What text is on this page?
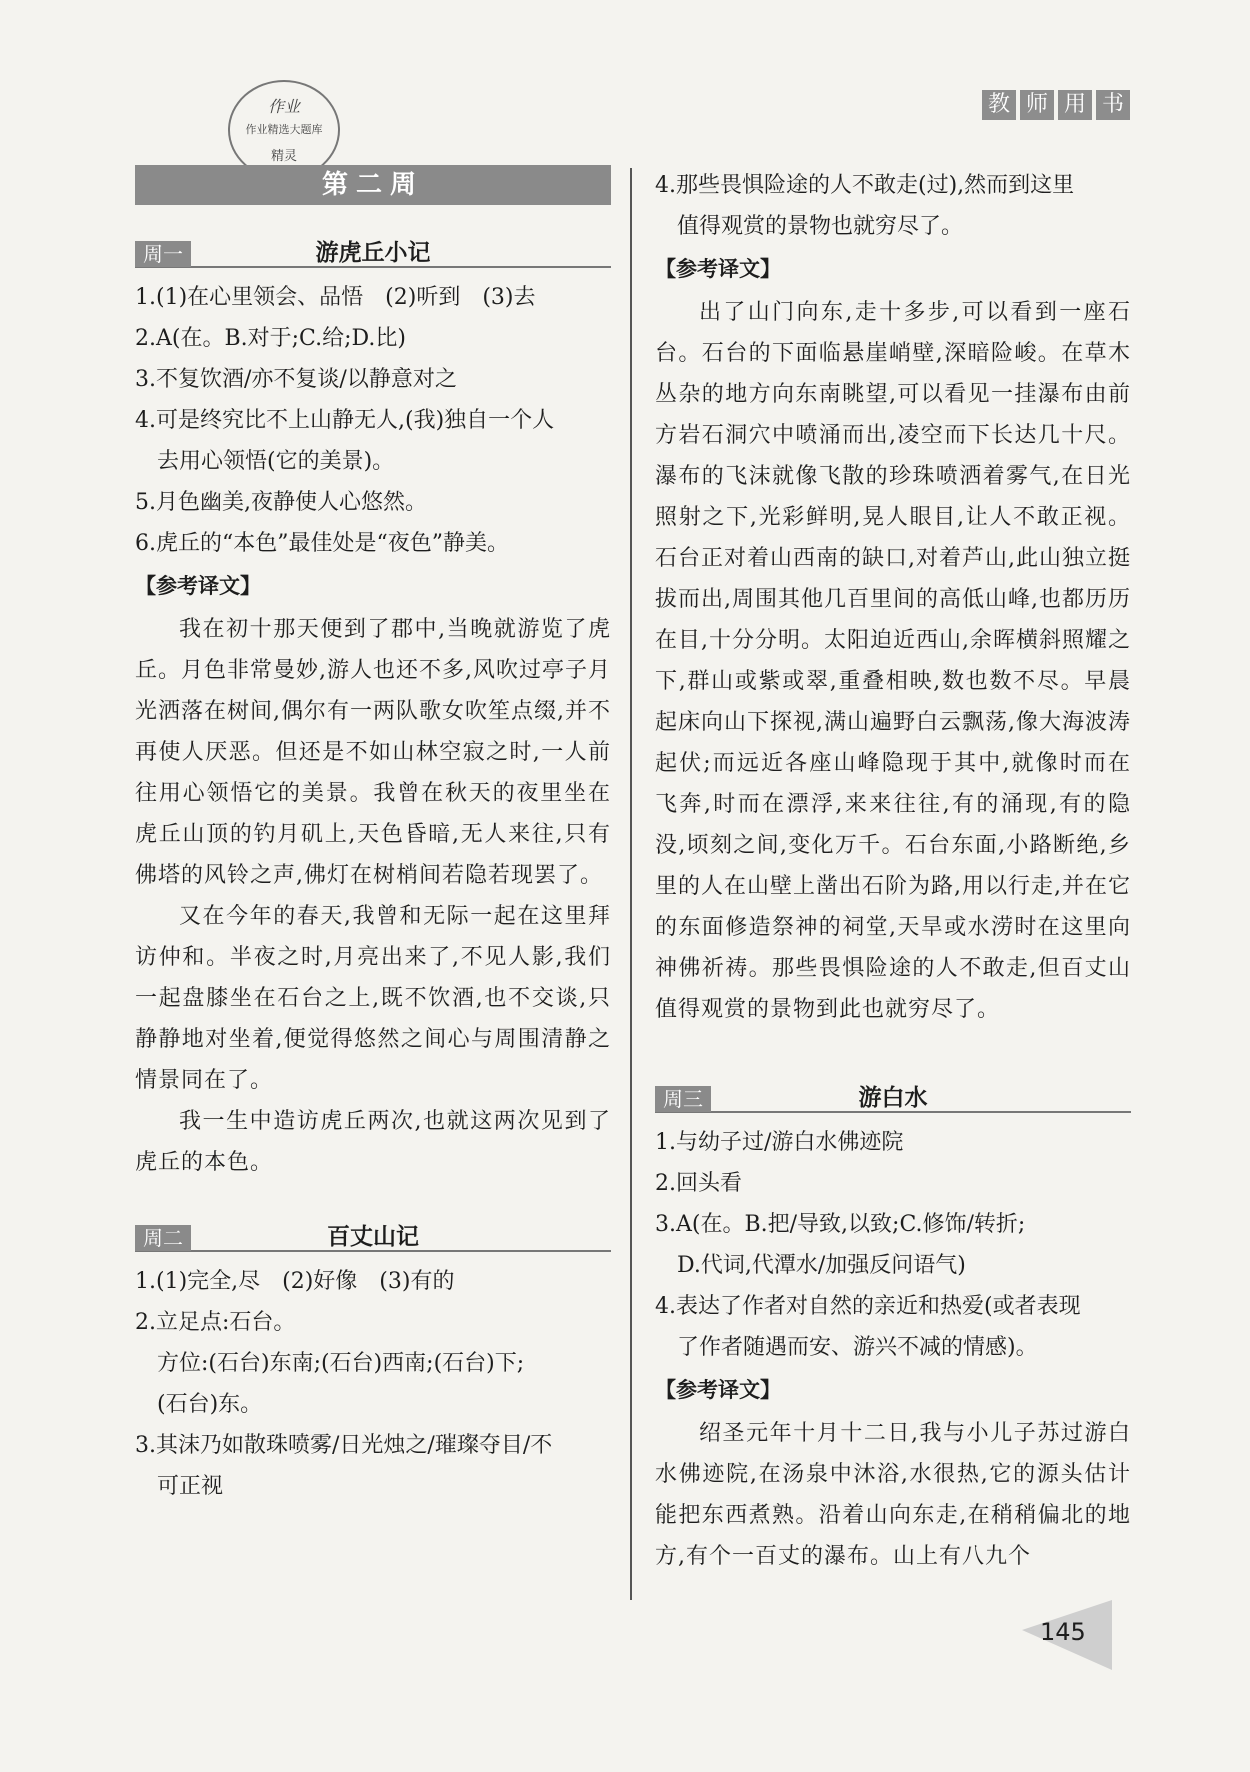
教 师 用 书
作业
作业精选大题库
精灵
第二周
周一	游虎丘小记

1.(1)在心里领会、品悟　(2)听到　(3)去

2.A(在。B.对于;C.给;D.比)

3.不复饮酒/亦不复谈/以静意对之

4.可是终究比不上山静无人,(我)独自一个人

去用心领悟(它的美景)。

5.月色幽美,夜静使人心悠然。

6.虎丘的“本色”最佳处是“夜色”静美。

【参考译文】

我在初十那天便到了郡中,当晚就游览了虎丘。月色非常曼妙,游人也还不多,风吹过亭子月光洒落在树间,偶尔有一两队歌女吹笙点缀,并不再使人厌恶。但还是不如山林空寂之时,一人前往用心领悟它的美景。我曾在秋天的夜里坐在虎丘山顶的钓月矶上,天色昏暗,无人来往,只有佛塔的风铃之声,佛灯在树梢间若隐若现罢了。

又在今年的春天,我曾和无际一起在这里拜访仲和。半夜之时,月亮出来了,不见人影,我们一起盘膝坐在石台之上,既不饮酒,也不交谈,只静静地对坐着,便觉得悠然之间心与周围清静之情景同在了。

我一生中造访虎丘两次,也就这两次见到了虎丘的本色。

周二	百丈山记

1.(1)完全,尽　(2)好像　(3)有的

2.立足点:石台。

方位:(石台)东南;(石台)西南;(石台)下;

(石台)东。

3.其沫乃如散珠喷雾/日光烛之/璀璨夺目/不

可正视

4.那些畏惧险途的人不敢走(过),然而到这里

值得观赏的景物也就穷尽了。

【参考译文】

出了山门向东,走十多步,可以看到一座石台。石台的下面临悬崖峭壁,深暗险峻。在草木丛杂的地方向东南眺望,可以看见一挂瀑布由前方岩石洞穴中喷涌而出,凌空而下长达几十尺。瀑布的飞沫就像飞散的珍珠喷洒着雾气,在日光照射之下,光彩鲜明,晃人眼目,让人不敢正视。石台正对着山西南的缺口,对着芦山,此山独立挺拔而出,周围其他几百里间的高低山峰,也都历历在目,十分分明。太阳迫近西山,余晖横斜照耀之下,群山或紫或翠,重叠相映,数也数不尽。早晨起床向山下探视,满山遍野白云飘荡,像大海波涛起伏;而远近各座山峰隐现于其中,就像时而在飞奔,时而在漂浮,来来往往,有的涌现,有的隐没,顷刻之间,变化万千。石台东面,小路断绝,乡里的人在山壁上凿出石阶为路,用以行走,并在它的东面修造祭神的祠堂,天旱或水涝时在这里向神佛祈祷。那些畏惧险途的人不敢走,但百丈山值得观赏的景物到此也就穷尽了。

周三	游白水

1.与幼子过/游白水佛迹院

2.回头看

3.A(在。B.把/导致,以致;C.修饰/转折;

D.代词,代潭水/加强反问语气)

4.表达了作者对自然的亲近和热爱(或者表现

了作者随遇而安、游兴不减的情感)。

【参考译文】

绍圣元年十月十二日,我与小儿子苏过游白水佛迹院,在汤泉中沐浴,水很热,它的源头估计能把东西煮熟。沿着山向东走,在稍稍偏北的地方,有个一百丈的瀑布。山上有八九个

145
